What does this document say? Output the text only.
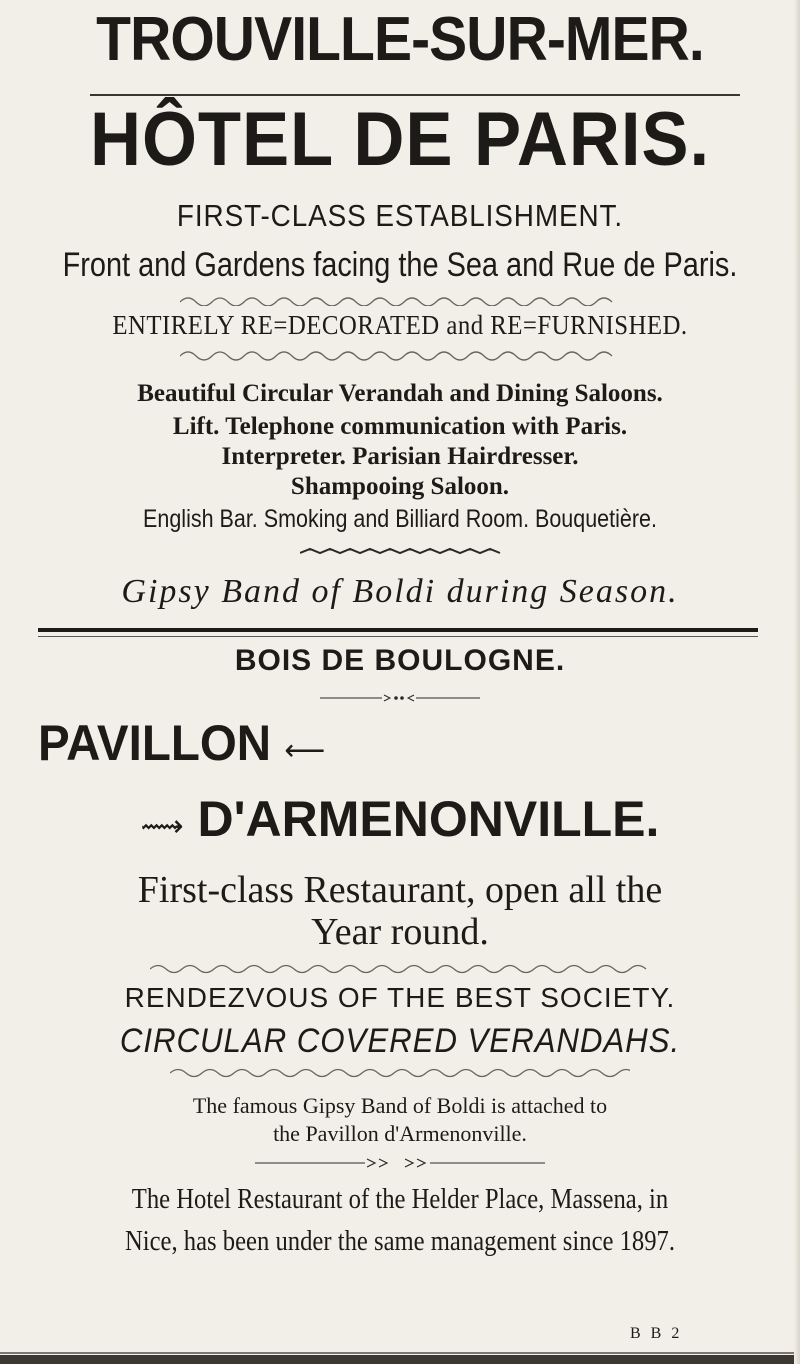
TROUVILLE-SUR-MER.
HÔTEL DE PARIS.
FIRST-CLASS ESTABLISHMENT.
Front and Gardens facing the Sea and Rue de Paris.
ENTIRELY RE=DECORATED and RE=FURNISHED.
Beautiful Circular Verandah and Dining Saloons.
Lift. Telephone communication with Paris.
Interpreter. Parisian Hairdresser.
Shampooing Saloon.
English Bar. Smoking and Billiard Room. Bouquetière.
Gipsy Band of Boldi during Season.
BOIS DE BOULOGNE.
PAVILLON ⟵
⟿ D'ARMENONVILLE.
First-class Restaurant, open all the
Year round.
RENDEZVOUS OF THE BEST SOCIETY.
CIRCULAR COVERED VERANDAHS.
The famous Gipsy Band of Boldi is attached to
the Pavillon d'Armenonville.
The Hotel Restaurant of the Helder Place, Massena, in
Nice, has been under the same management since 1897.
B B 2
